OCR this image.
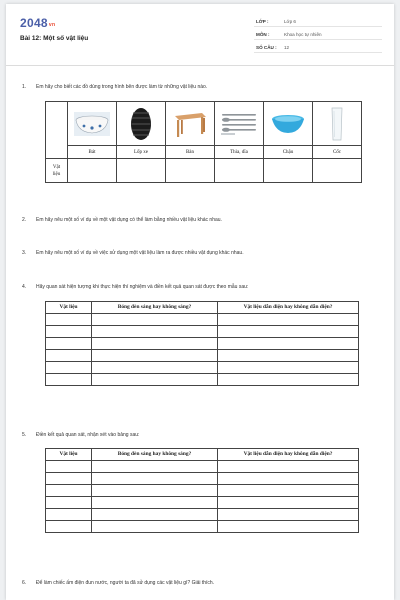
2048vn
Bài 12: Một số vật liệu
LỚP :	Lớp 6
MÔN :	Khoa học tự nhiên
SỐ CÂU : 12
1. Em hãy cho biết các đồ dùng trong hình bên được làm từ những vật liệu nào.

	Bát	Lốp xe	Bàn	Thìa, dĩa	Chậu	Cốc

Vật
liệu						

2. Em hãy nêu một số ví dụ về một vật dụng có thể làm bằng nhiều vật liệu khác nhau.
3. Em hãy nêu một số ví dụ về việc sử dụng một vật liệu làm ra được nhiều vật dụng khác nhau.
4. Hãy quan sát hiện tượng khi thực hiện thí nghiệm và điền kết quả quan sát được theo mẫu sau:
Vật liệu	Bóng đèn sáng hay không sáng?	Vật liệu dẫn điện hay không dẫn điện?

5. Điền kết quả quan sát, nhận xét vào bảng sau:
Vật liệu	Bóng đèn sáng hay không sáng?	Vật liệu dẫn điện hay không dẫn điện?

6. Để làm chiếc ấm điện đun nước, người ta đã sử dụng các vật liệu gì? Giải thích.
